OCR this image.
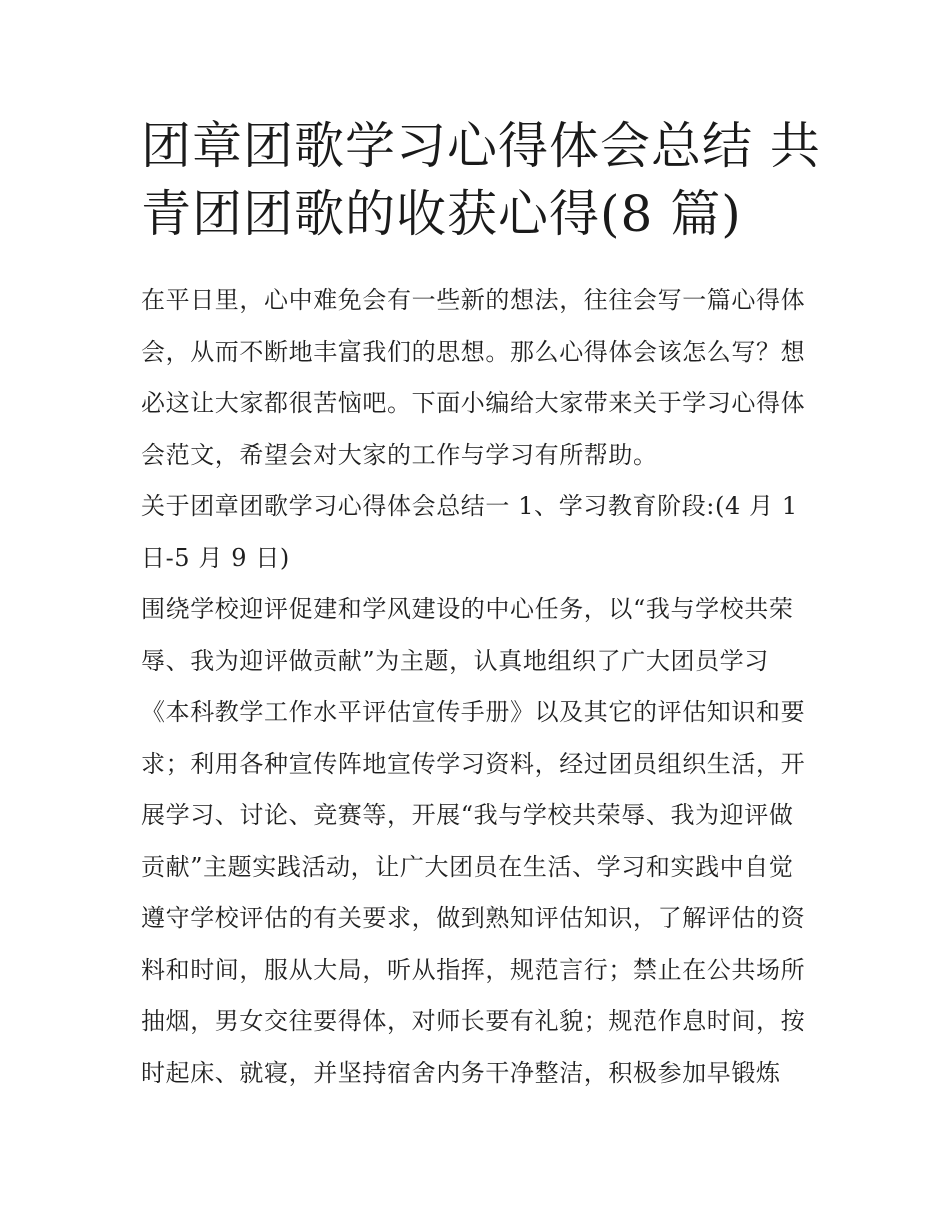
团章团歌学习心得体会总结 共
青团团歌的收获心得(8 篇)

在平日里，心中难免会有一些新的想法，往往会写一篇心得体
会，从而不断地丰富我们的思想。那么心得体会该怎么写？想
必这让大家都很苦恼吧。下面小编给大家带来关于学习心得体
会范文，希望会对大家的工作与学习有所帮助。

关于团章团歌学习心得体会总结一 1、学习教育阶段:(4 月 1
日-5 月 9 日)

围绕学校迎评促建和学风建设的中心任务，以“我与学校共荣
辱、我为迎评做贡献”为主题，认真地组织了广大团员学习
《本科教学工作水平评估宣传手册》以及其它的评估知识和要
求；利用各种宣传阵地宣传学习资料，经过团员组织生活，开
展学习、讨论、竞赛等，开展“我与学校共荣辱、我为迎评做
贡献”主题实践活动，让广大团员在生活、学习和实践中自觉
遵守学校评估的有关要求，做到熟知评估知识，了解评估的资
料和时间，服从大局，听从指挥，规范言行；禁止在公共场所
抽烟，男女交往要得体，对师长要有礼貌；规范作息时间，按
时起床、就寝，并坚持宿舍内务干净整洁，积极参加早锻炼
